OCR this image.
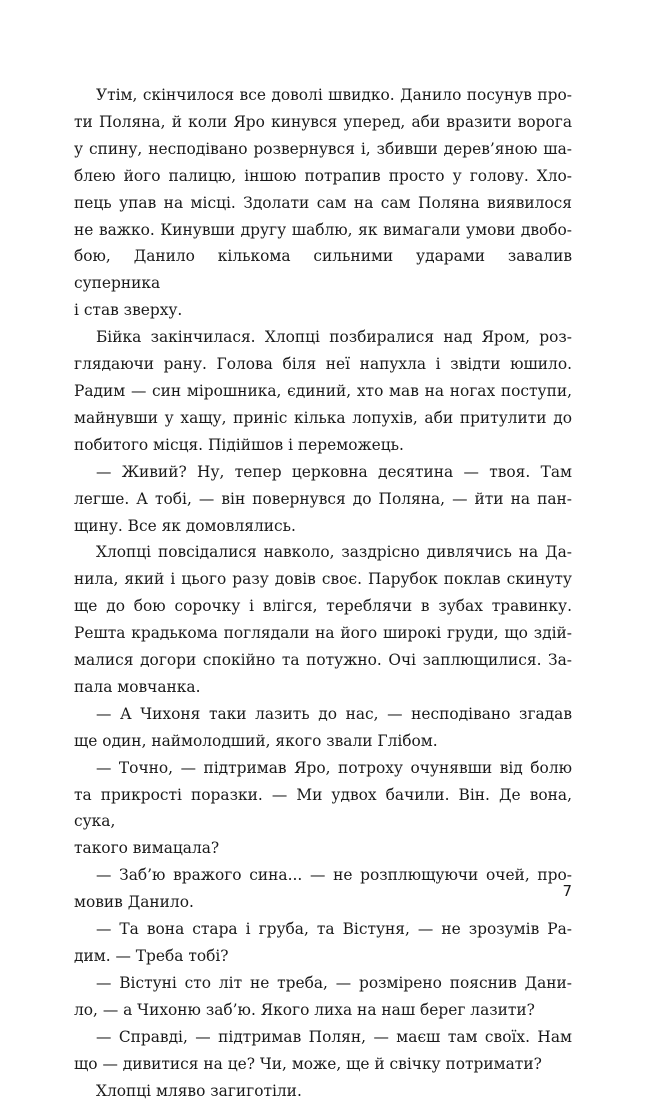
Утім, скінчилося все доволі швидко. Данило посунув про-
ти Поляна, й коли Яро кинувся уперед, аби вразити ворога
у спину, несподівано розвернувся і, збивши дерев’яною ша-
блею його палицю, іншою потрапив просто у голову. Хло-
пець упав на місці. Здолати сам на сам Поляна виявилося
не важко. Кинувши другу шаблю, як вимагали умови двобо-
бою, Данило кількома сильними ударами завалив суперника
і став зверху.
Бійка закінчилася. Хлопці позбиралися над Яром, роз-
глядаючи рану. Голова біля неї напухла і звідти юшило.
Радим — син мірошника, єдиний, хто мав на ногах поступи,
майнувши у хащу, приніс кілька лопухів, аби притулити до
побитого місця. Підійшов і переможець.
— Живий? Ну, тепер церковна десятина — твоя. Там
легше. А тобі, — він повернувся до Поляна, — йти на пан-
щину. Все як домовлялись.
Хлопці повсідалися навколо, заздрісно дивлячись на Да-
нила, який і цього разу довів своє. Парубок поклав скинуту
ще до бою сорочку і влігся, тереблячи в зубах травинку.
Решта крадькома поглядали на його широкі груди, що здій-
малися догори спокійно та потужно. Очі заплющилися. За-
пала мовчанка.
— А Чихоня таки лазить до нас, — несподівано згадав
ще один, наймолодший, якого звали Глібом.
— Точно, — підтримав Яро, потроху очунявши від болю
та прикрості поразки. — Ми удвох бачили. Він. Де вона, сука,
такого вимацала?
— Заб’ю вражого сина... — не розплющуючи очей, про-
мовив Данило.
— Та вона стара і груба, та Вістуня, — не зрозумів Ра-
дим. — Треба тобі?
— Вістуні сто літ не треба, — розмірено пояснив Дани-
ло, — а Чихоню заб’ю. Якого лиха на наш берег лазити?
— Справді, — підтримав Полян, — маєш там своїх. Нам
що — дивитися на це? Чи, може, ще й свічку потримати?
Хлопці мляво загиготіли.
7
